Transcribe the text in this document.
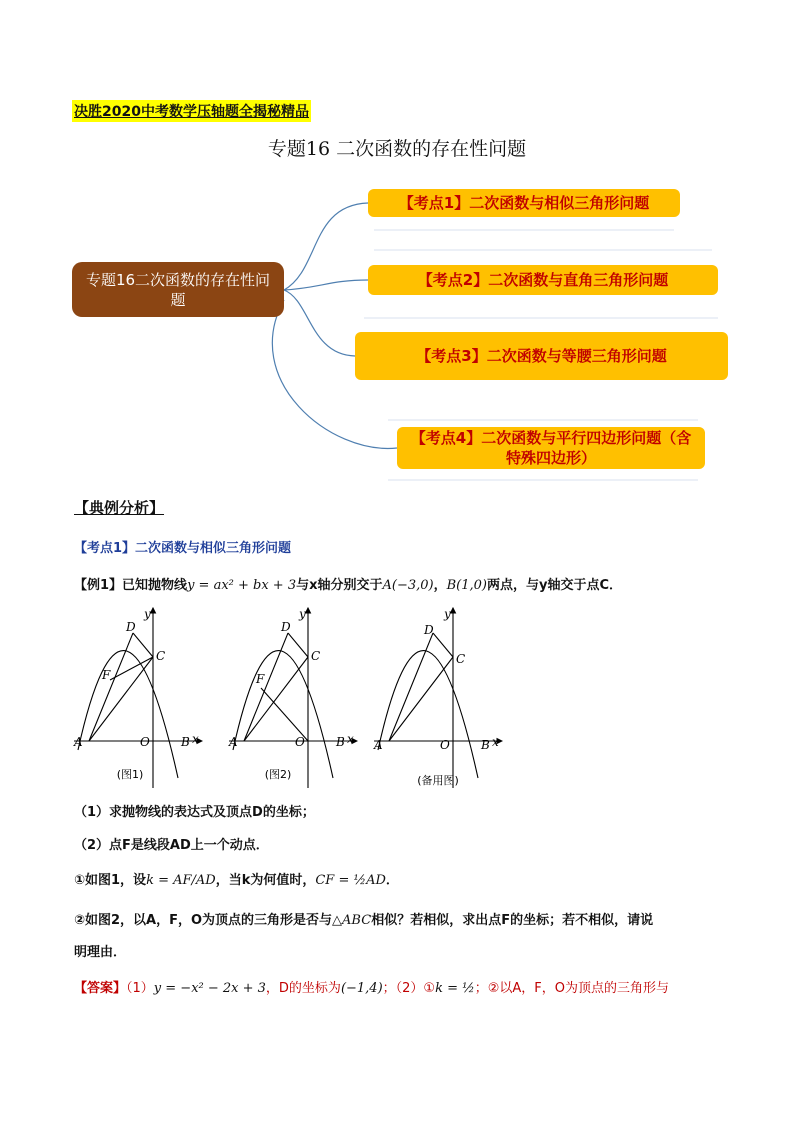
决胜2020中考数学压轴题全揭秘精品
专题16 二次函数的存在性问题
专题16二次函数的存在性问题
【考点1】二次函数与相似三角形问题
【考点2】二次函数与直角三角形问题
【考点3】二次函数与等腰三角形问题
【考点4】二次函数与平行四边形问题（含特殊四边形）
【典例分析】
【考点1】二次函数与相似三角形问题
【例1】已知抛物线y = ax² + bx + 3与x轴分别交于A(−3,0)，B(1,0)两点，与y轴交于点C．
y
D
C
F
A	O	B x
y
D
C
F
A	O	B x
y
D
C
A	O	B x
(图1)	(图2)	(备用图)
（1）求抛物线的表达式及顶点D的坐标；
（2）点F是线段AD上一个动点．
①如图1，设k = AF/AD，当k为何值时，CF = ½AD．
②如图2，以A，F，O为顶点的三角形是否与△ABC相似？若相似，求出点F的坐标；若不相似，请说
明理由．
【答案】（1）y = −x² − 2x + 3，D的坐标为(−1,4)；（2）①k = ½；②以A，F，O为顶点的三角形与
